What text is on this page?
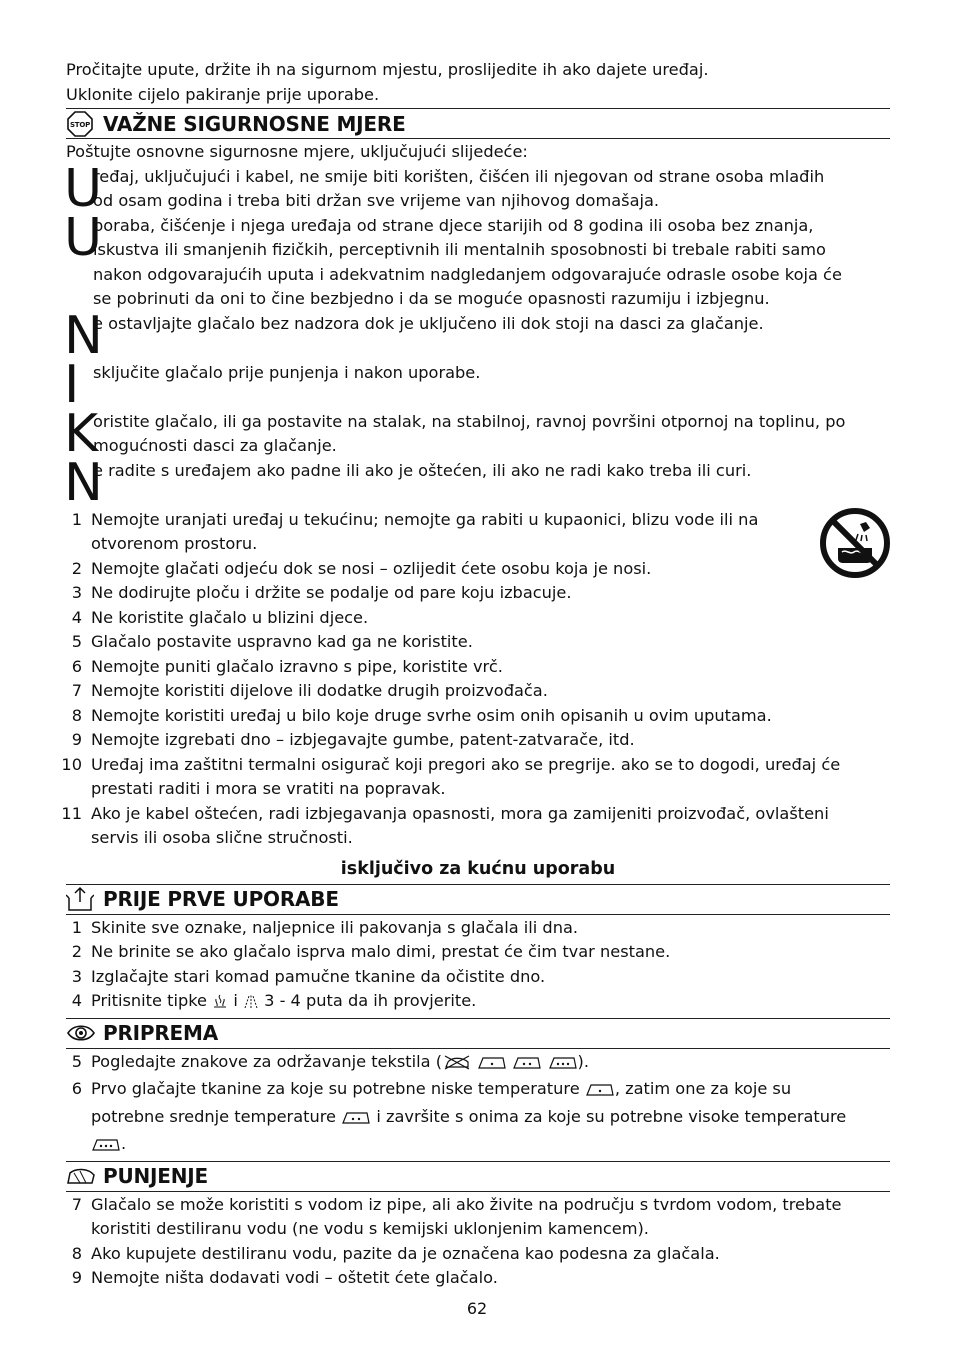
Pročitajte upute, držite ih na sigurnom mjestu, proslijedite ih ako dajete uređaj.
Uklonite cijelo pakiranje prije uporabe.
STOP VAŽNE SIGURNOSNE MJERE
Poštujte osnovne sigurnosne mjere, uključujući slijedeće:
U
ređaj, uključujući i kabel, ne smije biti korišten, čišćen ili njegovan od strane osoba mlađih
od osam godina i treba biti držan sve vrijeme van njihovog domašaja.
U
poraba, čišćenje i njega uređaja od strane djece starijih od 8 godina ili osoba bez znanja,
iskustva ili smanjenih fizičkih, perceptivnih ili mentalnih sposobnosti bi trebale rabiti samo
nakon odgovarajućih uputa i adekvatnim nadgledanjem odgovarajuće odrasle osobe koja će
se pobrinuti da oni to čine bezbjedno i da se moguće opasnosti razumiju i izbjegnu.
N
e ostavljajte glačalo bez nadzora dok je uključeno ili dok stoji na dasci za glačanje.
I sključite glačalo prije punjenja i nakon uporabe.
K
oristite glačalo, ili ga postavite na stalak, na stabilnoj, ravnoj površini otpornoj na toplinu, po
mogućnosti dasci za glačanje.
N
e radite s uređajem ako padne ili ako je oštećen, ili ako ne radi kako treba ili curi.
1 Nemojte uranjati uređaj u tekućinu; nemojte ga rabiti u kupaonici, blizu vode ili na
otvorenom prostoru.
2 Nemojte glačati odjeću dok se nosi – ozlijedit ćete osobu koja je nosi.
3 Ne dodirujte ploču i držite se podalje od pare koju izbacuje.
4 Ne koristite glačalo u blizini djece.
5 Glačalo postavite uspravno kad ga ne koristite.
6 Nemojte puniti glačalo izravno s pipe, koristite vrč.
7 Nemojte koristiti dijelove ili dodatke drugih proizvođača.
8 Nemojte koristiti uređaj u bilo koje druge svrhe osim onih opisanih u ovim uputama.
9 Nemojte izgrebati dno – izbjegavajte gumbe, patent-zatvarače, itd.
10 Uređaj ima zaštitni termalni osigurač koji pregori ako se pregrije. ako se to dogodi, uređaj će
prestati raditi i mora se vratiti na popravak.
11 Ako je kabel oštećen, radi izbjegavanja opasnosti, mora ga zamijeniti proizvođač, ovlašteni
servis ili osoba slične stručnosti.
isključivo za kućnu uporabu
PRIJE PRVE UPORABE
1 Skinite sve oznake, naljepnice ili pakovanja s glačala ili dna.
2 Ne brinite se ako glačalo isprva malo dimi, prestat će čim tvar nestane.
3 Izglačajte stari komad pamučne tkanine da očistite dno.
4 Pritisnite tipke i 3 - 4 puta da ih provjerite.
PRIPREMA
5 Pogledajte znakove za održavanje tekstila (	).
6 Prvo glačajte tkanine za koje su potrebne niske temperature , zatim one za koje su
potrebne srednje temperature i završite s onima za koje su potrebne visoke temperature
.
PUNJENJE
7 Glačalo se može koristiti s vodom iz pipe, ali ako živite na području s tvrdom vodom, trebate
koristiti destiliranu vodu (ne vodu s kemijski uklonjenim kamencem).
8 Ako kupujete destiliranu vodu, pazite da je označena kao podesna za glačala.
9 Nemojte ništa dodavati vodi – oštetit ćete glačalo.
62
